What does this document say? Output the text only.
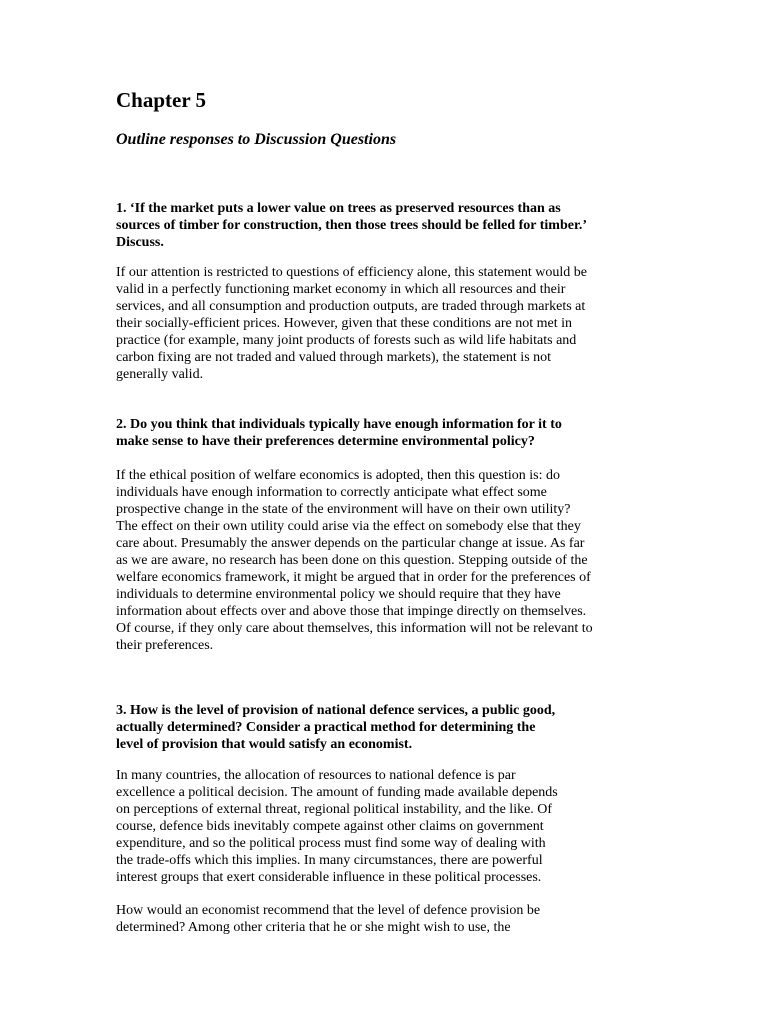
Chapter 5
Outline responses to Discussion Questions
1. ‘If the market puts a lower value on trees as preserved resources than as
sources of timber for construction, then those trees should be felled for timber.’
Discuss.
If our attention is restricted to questions of efficiency alone, this statement would be
valid in a perfectly functioning market economy in which all resources and their
services, and all consumption and production outputs, are traded through markets at
their socially-efficient prices. However, given that these conditions are not met in
practice (for example, many joint products of forests such as wild life habitats and
carbon fixing are not traded and valued through markets), the statement is not
generally valid.
2. Do you think that individuals typically have enough information for it to
make sense to have their preferences determine environmental policy?
If the ethical position of welfare economics is adopted, then this question is: do
individuals have enough information to correctly anticipate what effect some
prospective change in the state of the environment will have on their own utility?
The effect on their own utility could arise via the effect on somebody else that they
care about. Presumably the answer depends on the particular change at issue. As far
as we are aware, no research has been done on this question. Stepping outside of the
welfare economics framework, it might be argued that in order for the preferences of
individuals to determine environmental policy we should require that they have
information about effects over and above those that impinge directly on themselves.
Of course, if they only care about themselves, this information will not be relevant to
their preferences.
3. How is the level of provision of national defence services, a public good,
actually determined? Consider a practical method for determining the
level of provision that would satisfy an economist.
In many countries, the allocation of resources to national defence is par
excellence a political decision. The amount of funding made available depends
on perceptions of external threat, regional political instability, and the like. Of
course, defence bids inevitably compete against other claims on government
expenditure, and so the political process must find some way of dealing with
the trade-offs which this implies. In many circumstances, there are powerful
interest groups that exert considerable influence in these political processes.
How would an economist recommend that the level of defence provision be
determined? Among other criteria that he or she might wish to use, the
